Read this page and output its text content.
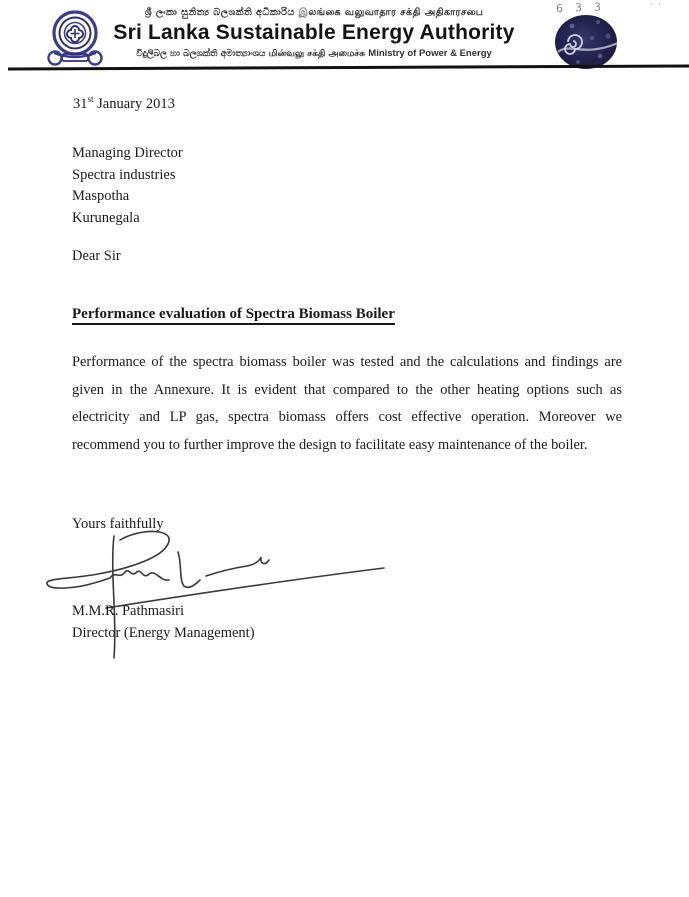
ශ්‍රී ලංකා සුනිත්‍ය බලශක්ති අධිකාරිය இலங்கை வலுவாதார சக்தி அதிகாரசபை
Sri Lanka Sustainable Energy Authority
විදුලිබල හා බලශක්ති අමාත්‍යාංශය மின்வலு சக்தி அமைச்சு Ministry of Power & Energy
633	''
31st January 2013
Managing Director
Spectra industries
Maspotha
Kurunegala
Dear Sir
Performance evaluation of Spectra Biomass Boiler
Performance of the spectra biomass boiler was tested and the calculations and findings are given in the Annexure. It is evident that compared to the other heating options such as electricity and LP gas, spectra biomass offers cost effective operation. Moreover we recommend you to further improve the design to facilitate easy maintenance of the boiler.
Yours faithfully
M.M.R. Pathmasiri
Director (Energy Management)
